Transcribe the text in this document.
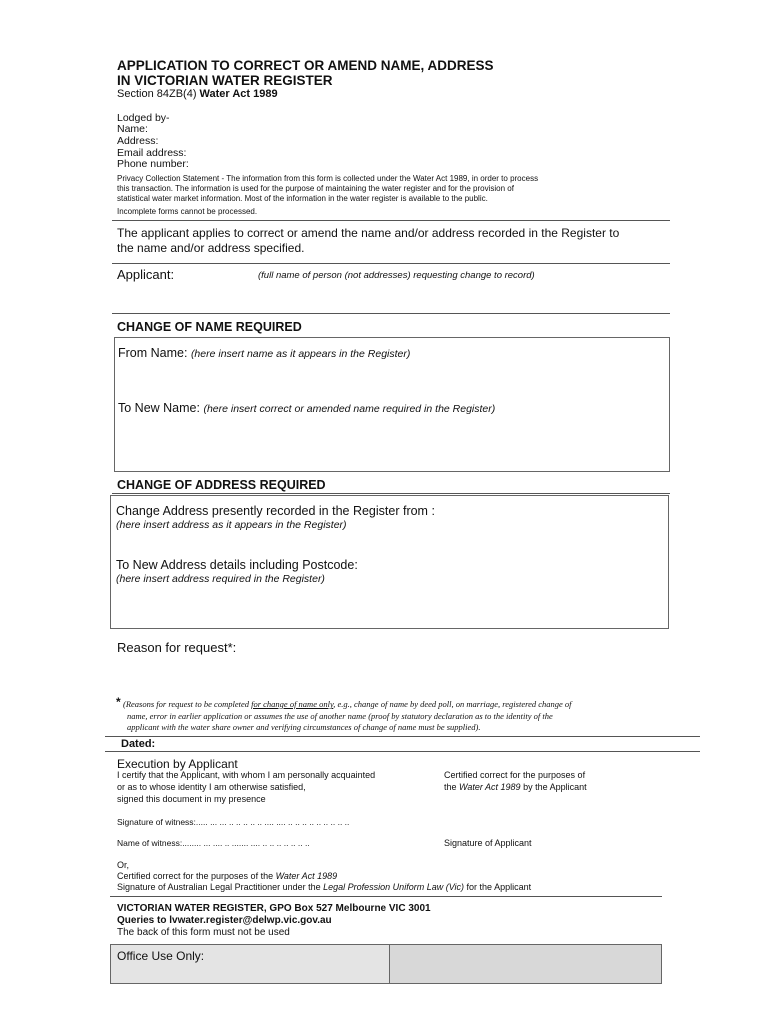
APPLICATION TO CORRECT OR AMEND NAME, ADDRESS
IN VICTORIAN WATER REGISTER
Section 84ZB(4) Water Act 1989
Lodged by-
Name:
Address:
Email address:
Phone number:
Privacy Collection Statement - The information from this form is collected under the Water Act 1989, in order to process
this transaction. The information is used for the purpose of maintaining the water register and for the provision of
statistical water market information. Most of the information in the water register is available to the public.
Incomplete forms cannot be processed.
The applicant applies to correct or amend the name and/or address recorded in the Register to
the name and/or address specified.
Applicant:	(full name of person (not addresses) requesting change to record)
CHANGE OF NAME REQUIRED
From Name: (here insert name as it appears in the Register)
To New Name: (here insert correct or amended name required in the Register)
CHANGE OF ADDRESS REQUIRED
Change Address presently recorded in the Register from :
(here insert address as it appears in the Register)
To New Address details including Postcode:
(here insert address required in the Register)
Reason for request*:
* (Reasons for request to be completed for change of name only, e.g., change of name by deed poll, on marriage, registered change of
name, error in earlier application or assumes the use of another name (proof by statutory declaration as to the identity of the
applicant with the water share owner and verifying circumstances of change of name must be supplied).
Dated:
Execution by Applicant
I certify that the Applicant, with whom I am personally acquainted
or as to whose identity I am otherwise satisfied,
signed this document in my presence
Certified correct for the purposes of
the Water Act 1989 by the Applicant
Signature of witness:..... ... ... .. .. .. .. .. .... .... .. .. .. .. .. .. .. .. ..
Name of witness:........ ... .... .. ....... .... .. .. .. .. .. .. ..	Signature of Applicant
Or,
Certified correct for the purposes of the Water Act 1989
Signature of Australian Legal Practitioner under the Legal Profession Uniform Law (Vic) for the Applicant
VICTORIAN WATER REGISTER, GPO Box 527 Melbourne VIC 3001
Queries to lvwater.register@delwp.vic.gov.au
The back of this form must not be used
Office Use Only:
